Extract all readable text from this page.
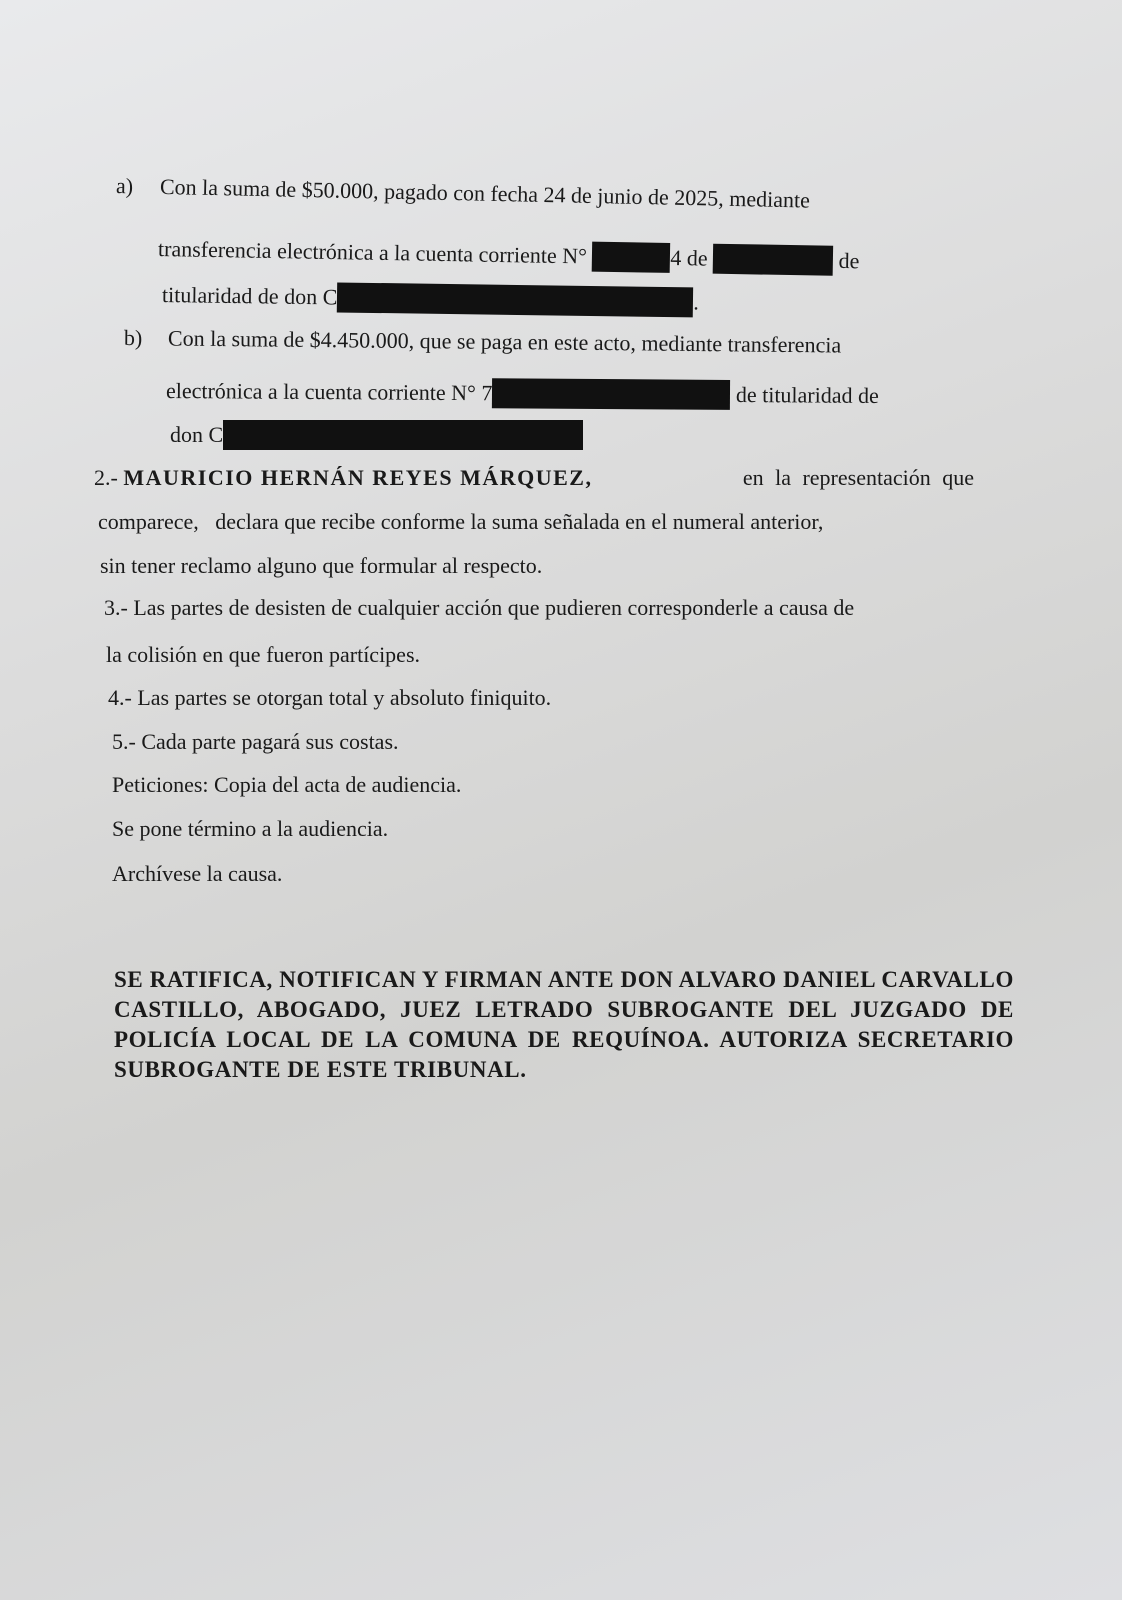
a) Con la suma de $50.000, pagado con fecha 24 de junio de 2025, mediante
transferencia electrónica a la cuenta corriente N°	4 de	de
titularidad de don C	.
b) Con la suma de $4.450.000, que se paga en este acto, mediante transferencia
electrónica a la cuenta corriente N° 7	de titularidad de
don C
2.- MAURICIO HERNÁN REYES MÁRQUEZ,	en la representación que
comparece,   declara que recibe conforme la suma señalada en el numeral anterior,
sin tener reclamo alguno que formular al respecto.
3.- Las partes de desisten de cualquier acción que pudieren corresponderle a causa de
la colisión en que fueron partícipes.
4.- Las partes se otorgan total y absoluto finiquito.
5.- Cada parte pagará sus costas.
Peticiones: Copia del acta de audiencia.
Se pone término a la audiencia.
Archívese la causa.
SE RATIFICA, NOTIFICAN Y FIRMAN ANTE DON ALVARO DANIEL CARVALLO CASTILLO, ABOGADO, JUEZ LETRADO SUBROGANTE DEL JUZGADO DE POLICÍA LOCAL DE LA COMUNA DE REQUÍNOA. AUTORIZA SECRETARIO SUBROGANTE DE ESTE TRIBUNAL.
